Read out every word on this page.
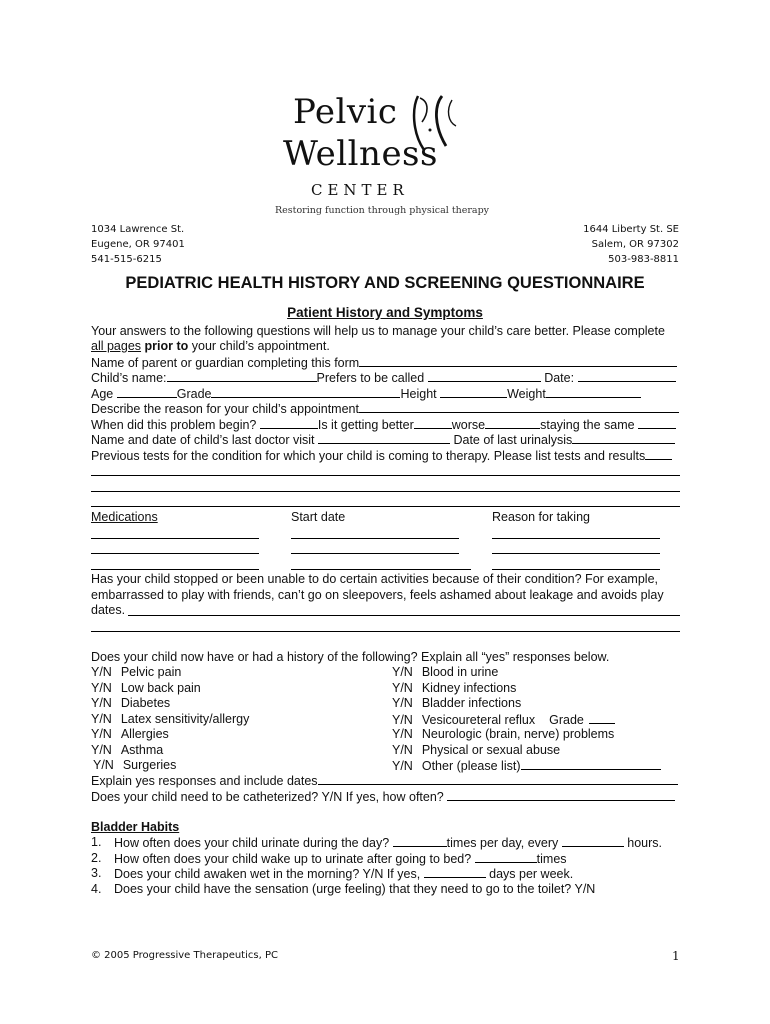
Pelvic
Wellness
CENTER
Restoring function through physical therapy
1034 Lawrence St.
Eugene, OR 97401
541-515-6215
1644 Liberty St. SE
Salem, OR 97302
503-983-8811
PEDIATRIC HEALTH HISTORY AND SCREENING QUESTIONNAIRE
Patient History and Symptoms
Your answers to the following questions will help us to manage your child’s care better. Please complete
all pages prior to your child’s appointment.
Name of parent or guardian completing this form
Child’s name:	Prefers to be called	Date:
Age	Grade	Height	Weight
Describe the reason for your child’s appointment
When did this problem begin?	Is it getting better	worse	staying the same
Name and date of child’s last doctor visit	Date of last urinalysis
Previous tests for the condition for which your child is coming to therapy. Please list tests and results
Medications	Start date	Reason for taking
Has your child stopped or been unable to do certain activities because of their condition? For example,
embarrassed to play with friends, can’t go on sleepovers, feels ashamed about leakage and avoids play
dates.
Does your child now have or had a history of the following? Explain all “yes” responses below.
Y/N Pelvic pain
Y/N Low back pain
Y/N Diabetes
Y/N Latex sensitivity/allergy
Y/N Allergies
Y/N Asthma
Y/N Surgeries
Y/N Blood in urine
Y/N Kidney infections
Y/N Bladder infections
Y/N Vesicoureteral reflux Grade
Y/N Neurologic (brain, nerve) problems
Y/N Physical or sexual abuse
Y/N Other (please list)
Explain yes responses and include dates
Does your child need to be catheterized? Y/N If yes, how often?
Bladder Habits
1. How often does your child urinate during the day?	times per day, every	hours.
2. How often does your child wake up to urinate after going to bed?	times
3. Does your child awaken wet in the morning? Y/N If yes,	days per week.
4. Does your child have the sensation (urge feeling) that they need to go to the toilet? Y/N
© 2005 Progressive Therapeutics, PC	1
